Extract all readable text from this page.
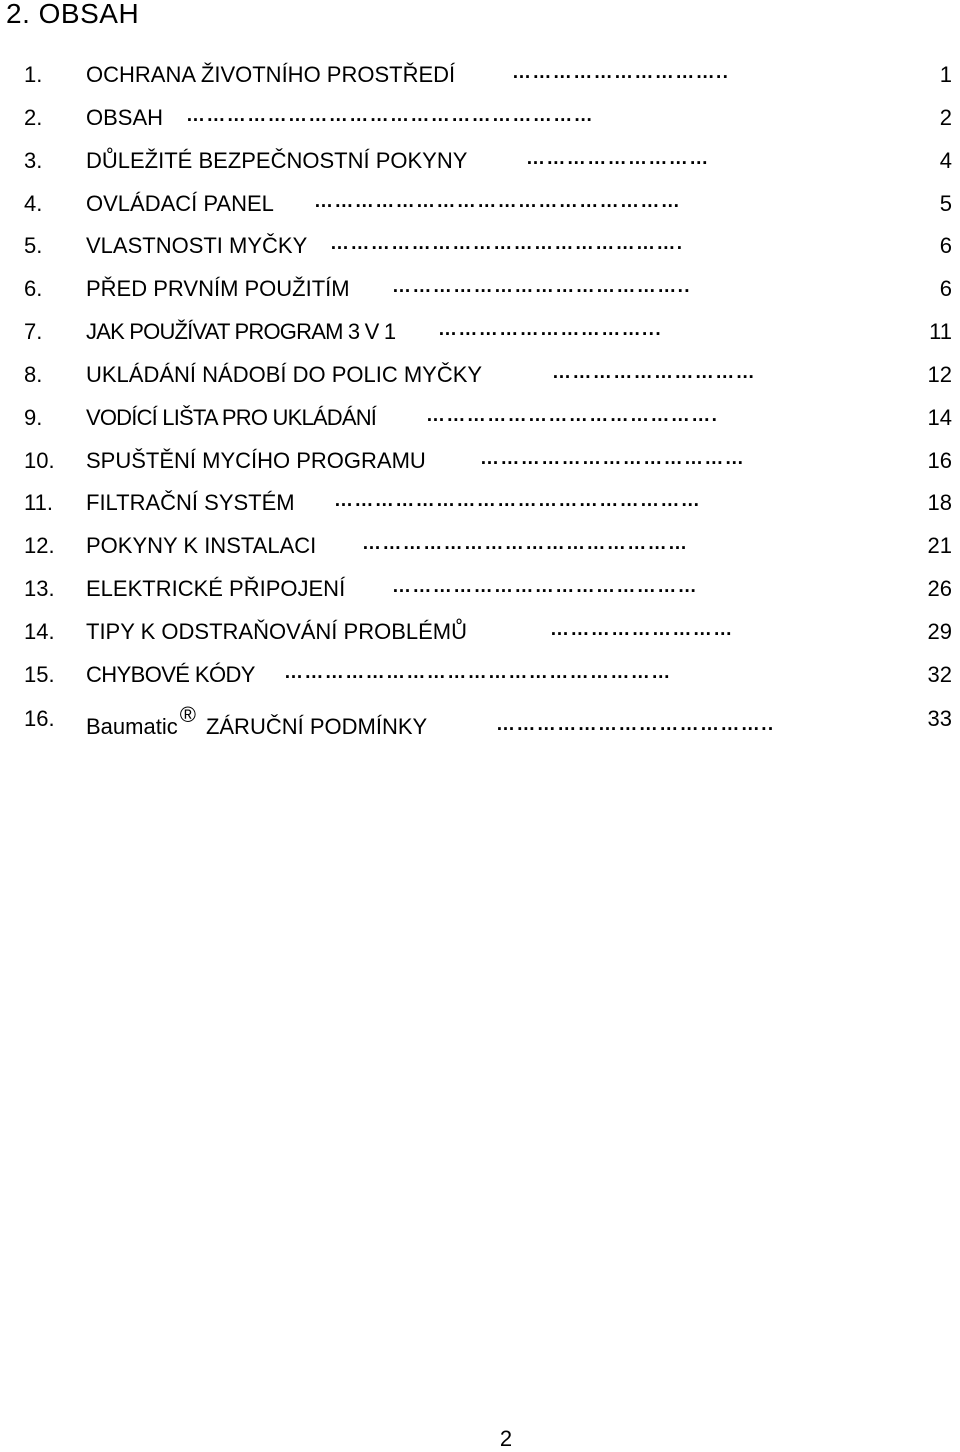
2. OBSAH
1. OCHRANA ŽIVOTNÍHO PROSTŘEDÍ	…………………………..	1
2. OBSAH ……………………………………………………	2
3. DŮLEŽITÉ BEZPEČNOSTNÍ POKYNY	………………………	4
4. OVLÁDACÍ PANEL ………………………………………………	5
5. VLASTNOSTI MYČKY …………………………………………….	6
6. PŘED PRVNÍM POUŽITÍM ……………………………………..	6
7. JAK POUŽÍVAT PROGRAM 3 V 1 …………………………...	11
8. UKLÁDÁNÍ NÁDOBÍ DO POLIC MYČKY	…………………………	12
9. VODÍCÍ LIŠTA PRO UKLÁDÁNÍ	…………………………………….	14
10. SPUŠTĚNÍ MYCÍHO PROGRAMU	…………………………………	16
11. FILTRAČNÍ SYSTÉM ………………………………………………	18
12. POKYNY K INSTALACI …………………………………………	21
13. ELEKTRICKÉ PŘIPOJENÍ ………………………………………	26
14. TIPY K ODSTRAŇOVÁNÍ PROBLÉMŮ	………………………	29
15. CHYBOVÉ KÓDY …………………………………………………	32
16. Baumatic® ZÁRUČNÍ PODMÍNKY	…………………………………..	33
2
